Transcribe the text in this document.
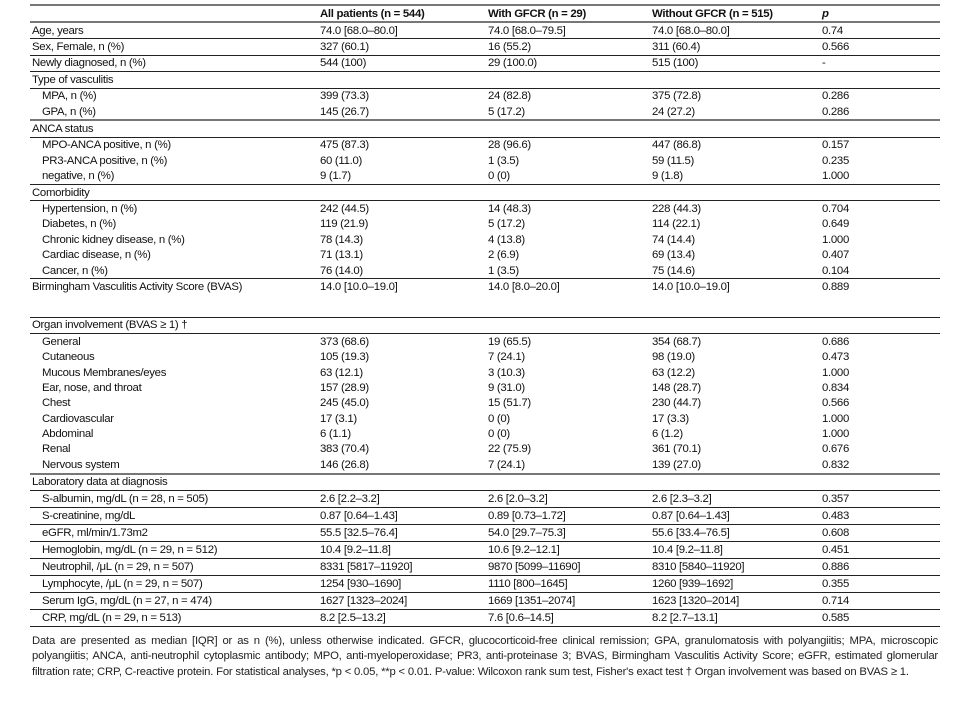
	All patients (n = 544)	With GFCR (n = 29)	Without GFCR (n = 515)	p
Age, years	74.0 [68.0–80.0]	74.0 [68.0–79.5]	74.0 [68.0–80.0]	0.74
Sex, Female, n (%)	327 (60.1)	16 (55.2)	311 (60.4)	0.566
Newly diagnosed, n (%)	544 (100)	29 (100.0)	515 (100)	-
Type of vasculitis				
MPA, n (%)	399 (73.3)	24 (82.8)	375 (72.8)	0.286
GPA, n (%)	145 (26.7)	5 (17.2)	24 (27.2)	0.286
ANCA status				
MPO-ANCA positive, n (%)	475 (87.3)	28 (96.6)	447 (86.8)	0.157
PR3-ANCA positive, n (%)	60 (11.0)	1 (3.5)	59 (11.5)	0.235
negative, n (%)	9 (1.7)	0 (0)	9 (1.8)	1.000
Comorbidity				
Hypertension, n (%)	242 (44.5)	14 (48.3)	228 (44.3)	0.704
Diabetes, n (%)	119 (21.9)	5 (17.2)	114 (22.1)	0.649
Chronic kidney disease, n (%)	78 (14.3)	4 (13.8)	74 (14.4)	1.000
Cardiac disease, n (%)	71 (13.1)	2 (6.9)	69 (13.4)	0.407
Cancer, n (%)	76 (14.0)	1 (3.5)	75 (14.6)	0.104
Birmingham Vasculitis Activity Score (BVAS)	14.0 [10.0–19.0]	14.0 [8.0–20.0]	14.0 [10.0–19.0]	0.889

Organ involvement (BVAS ≥ 1) †				
General	373 (68.6)	19 (65.5)	354 (68.7)	0.686
Cutaneous	105 (19.3)	7 (24.1)	98 (19.0)	0.473
Mucous Membranes/eyes	63 (12.1)	3 (10.3)	63 (12.2)	1.000
Ear, nose, and throat	157 (28.9)	9 (31.0)	148 (28.7)	0.834
Chest	245 (45.0)	15 (51.7)	230 (44.7)	0.566
Cardiovascular	17 (3.1)	0 (0)	17 (3.3)	1.000
Abdominal	6 (1.1)	0 (0)	6 (1.2)	1.000
Renal	383 (70.4)	22 (75.9)	361 (70.1)	0.676
Nervous system	146 (26.8)	7 (24.1)	139 (27.0)	0.832
Laboratory data at diagnosis				
S-albumin, mg/dL (n = 28, n = 505)	2.6 [2.2–3.2]	2.6 [2.0–3.2]	2.6 [2.3–3.2]	0.357
S-creatinine, mg/dL	0.87 [0.64–1.43]	0.89 [0.73–1.72]	0.87 [0.64–1.43]	0.483
eGFR, ml/min/1.73m2	55.5 [32.5–76.4]	54.0 [29.7–75.3]	55.6 [33.4–76.5]	0.608
Hemoglobin, mg/dL (n = 29, n = 512)	10.4 [9.2–11.8]	10.6 [9.2–12.1]	10.4 [9.2–11.8]	0.451
Neutrophil, /μL (n = 29, n = 507)	8331 [5817–11920]	9870 [5099–11690]	8310 [5840–11920]	0.886
Lymphocyte, /μL (n = 29, n = 507)	1254 [930–1690]	1110 [800–1645]	1260 [939–1692]	0.355
Serum IgG, mg/dL (n = 27, n = 474)	1627 [1323–2024]	1669 [1351–2074]	1623 [1320–2014]	0.714
CRP, mg/dL (n = 29, n = 513)	8.2 [2.5–13.2]	7.6 [0.6–14.5]	8.2 [2.7–13.1]	0.585
Data are presented as median [IQR] or as n (%), unless otherwise indicated. GFCR, glucocorticoid-free clinical remission; GPA, granulomatosis with polyangiitis; MPA, microscopic polyangiitis; ANCA, anti-neutrophil cytoplasmic antibody; MPO, anti-myeloperoxidase; PR3, anti-proteinase 3; BVAS, Birmingham Vasculitis Activity Score; eGFR, estimated glomerular filtration rate; CRP, C-reactive protein. For statistical analyses, *p < 0.05, **p < 0.01. P-value: Wilcoxon rank sum test, Fisher's exact test † Organ involvement was based on BVAS ≥ 1.
